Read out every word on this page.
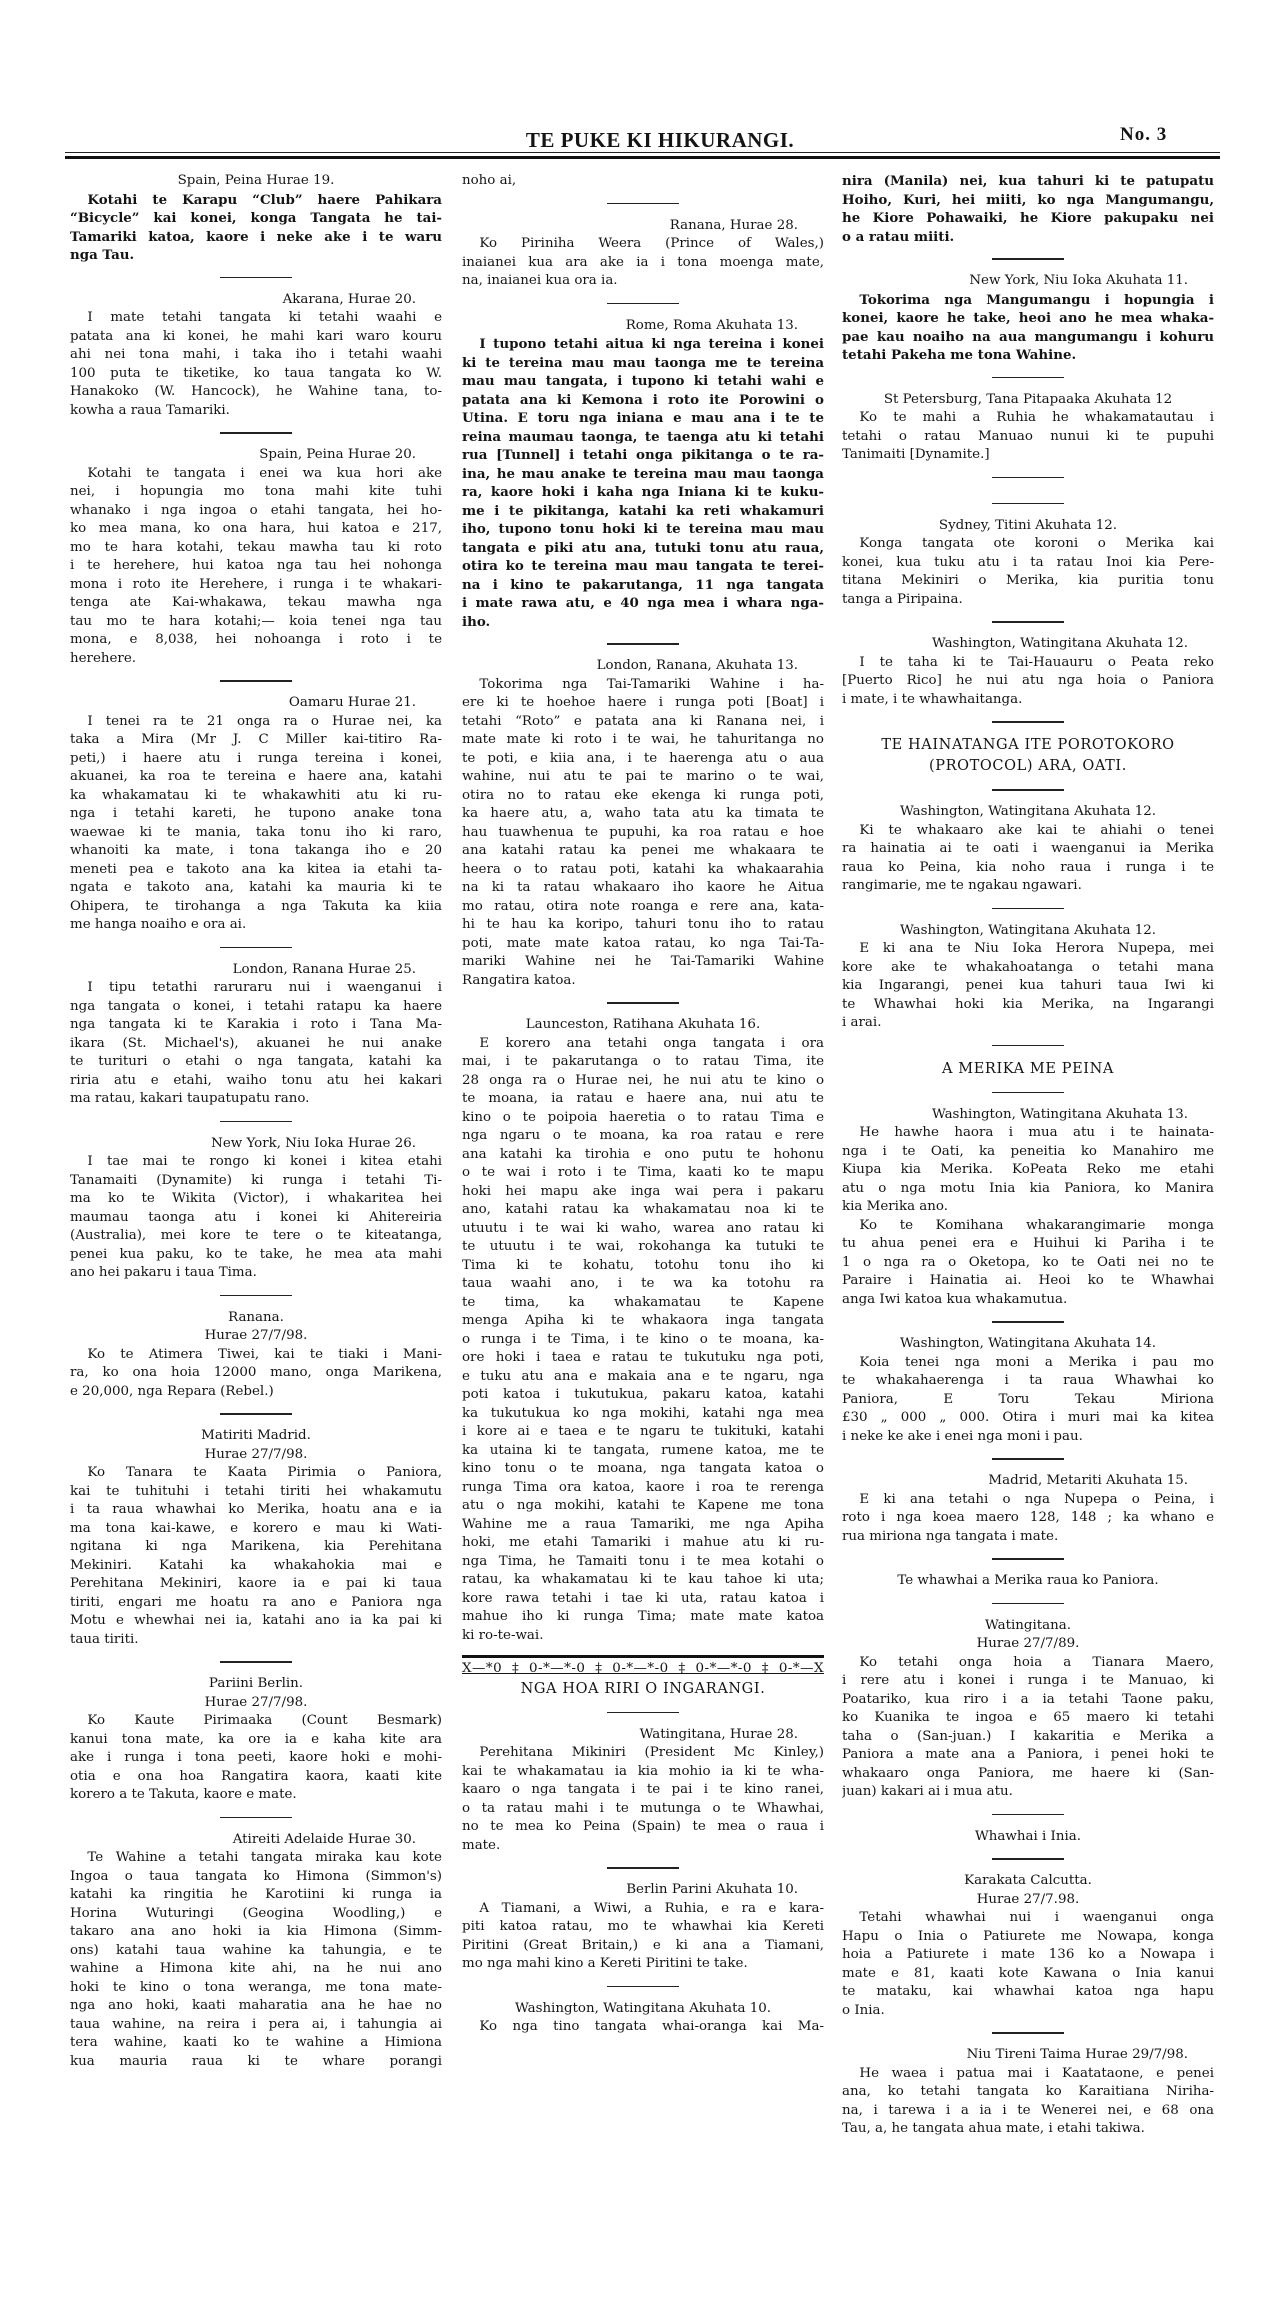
TE PUKE KI HIKURANGI.	No. 3
Spain, Peina Hurae 19.
Kotahi te Karapu “Club” haere Pahikara
“Bicycle” kai konei, konga Tangata he tai-
Tamariki katoa, kaore i neke ake i te waru
nga Tau.
Akarana, Hurae 20.
I mate tetahi tangata ki tetahi waahi e
patata ana ki konei, he mahi kari waro kouru
ahi nei tona mahi, i taka iho i tetahi waahi
100 puta te tiketike, ko taua tangata ko W.
Hanakoko (W. Hancock), he Wahine tana, to-
kowha a raua Tamariki.
Spain, Peina Hurae 20.
Kotahi te tangata i enei wa kua hori ake
nei, i hopungia mo tona mahi kite tuhi
whanako i nga ingoa o etahi tangata, hei ho-
ko mea mana, ko ona hara, hui katoa e 217,
mo te hara kotahi, tekau mawha tau ki roto
i te herehere, hui katoa nga tau hei nohonga
mona i roto ite Herehere, i runga i te whakari-
tenga ate Kai-whakawa, tekau mawha nga
tau mo te hara kotahi;— koia tenei nga tau
mona, e 8,038, hei nohoanga i roto i te
herehere.
Oamaru Hurae 21.
I tenei ra te 21 onga ra o Hurae nei, ka
taka a Mira (Mr J. C Miller kai-titiro Ra-
peti,) i haere atu i runga tereina i konei,
akuanei, ka roa te tereina e haere ana, katahi
ka whakamatau ki te whakawhiti atu ki ru-
nga i tetahi kareti, he tupono anake tona
waewae ki te mania, taka tonu iho ki raro,
whanoiti ka mate, i tona takanga iho e 20
meneti pea e takoto ana ka kitea ia etahi ta-
ngata e takoto ana, katahi ka mauria ki te
Ohipera, te tirohanga a nga Takuta ka kiia
me hanga noaiho e ora ai.
London, Ranana Hurae 25.
I tipu tetathi raruraru nui i waenganui i
nga tangata o konei, i tetahi ratapu ka haere
nga tangata ki te Karakia i roto i Tana Ma-
ikara (St. Michael's), akuanei he nui anake
te turituri o etahi o nga tangata, katahi ka
riria atu e etahi, waiho tonu atu hei kakari
ma ratau, kakari taupatupatu rano.
New York, Niu Ioka Hurae 26.
I tae mai te rongo ki konei i kitea etahi
Tanamaiti (Dynamite) ki runga i tetahi Ti-
ma ko te Wikita (Victor), i whakaritea hei
maumau taonga atu i konei ki Ahitereiria
(Australia), mei kore te tere o te kiteatanga,
penei kua paku, ko te take, he mea ata mahi
ano hei pakaru i taua Tima.
Ranana.
Hurae 27/7/98.
Ko te Atimera Tiwei, kai te tiaki i Mani-
ra, ko ona hoia 12000 mano, onga Marikena,
e 20,000, nga Repara (Rebel.)
Matiriti Madrid.
Hurae 27/7/98.
Ko Tanara te Kaata Pirimia o Paniora,
kai te tuhituhi i tetahi tiriti hei whakamutu
i ta raua whawhai ko Merika, hoatu ana e ia
ma tona kai-kawe, e korero e mau ki Wati-
ngitana ki nga Marikena, kia Perehitana
Mekiniri. Katahi ka whakahokia mai e
Perehitana Mekiniri, kaore ia e pai ki taua
tiriti, engari me hoatu ra ano e Paniora nga
Motu e whewhai nei ia, katahi ano ia ka pai ki
taua tiriti.
Pariini Berlin.
Hurae 27/7/98.
Ko Kaute Pirimaaka (Count Besmark)
kanui tona mate, ka ore ia e kaha kite ara
ake i runga i tona peeti, kaore hoki e mohi-
otia e ona hoa Rangatira kaora, kaati kite
korero a te Takuta, kaore e mate.
Atireiti Adelaide Hurae 30.
Te Wahine a tetahi tangata miraka kau kote
Ingoa o taua tangata ko Himona (Simmon's)
katahi ka ringitia he Karotiini ki runga ia
Horina Wuturingi (Geogina Woodling,) e
takaro ana ano hoki ia kia Himona (Simm-
ons) katahi taua wahine ka tahungia, e te
wahine a Himona kite ahi, na he nui ano
hoki te kino o tona weranga, me tona mate-
nga ano hoki, kaati maharatia ana he hae no
taua wahine, na reira i pera ai, i tahungia ai
tera wahine, kaati ko te wahine a Himiona
kua mauria raua ki te whare porangi
noho ai,
Ranana, Hurae 28.
Ko Piriniha Weera (Prince of Wales,)
inaianei kua ara ake ia i tona moenga mate,
na, inaianei kua ora ia.
Rome, Roma Akuhata 13.
I tupono tetahi aitua ki nga tereina i konei
ki te tereina mau mau taonga me te tereina
mau mau tangata, i tupono ki tetahi wahi e
patata ana ki Kemona i roto ite Porowini o
Utina. E toru nga iniana e mau ana i te te
reina maumau taonga, te taenga atu ki tetahi
rua [Tunnel] i tetahi onga pikitanga o te ra-
ina, he mau anake te tereina mau mau taonga
ra, kaore hoki i kaha nga Iniana ki te kuku-
me i te pikitanga, katahi ka reti whakamuri
iho, tupono tonu hoki ki te tereina mau mau
tangata e piki atu ana, tutuki tonu atu raua,
otira ko te tereina mau mau tangata te terei-
na i kino te pakarutanga, 11 nga tangata
i mate rawa atu, e 40 nga mea i whara nga-
iho.
London, Ranana, Akuhata 13.
Tokorima nga Tai-Tamariki Wahine i ha-
ere ki te hoehoe haere i runga poti [Boat] i
tetahi “Roto” e patata ana ki Ranana nei, i
mate mate ki roto i te wai, he tahuritanga no
te poti, e kiia ana, i te haerenga atu o aua
wahine, nui atu te pai te marino o te wai,
otira no to ratau eke ekenga ki runga poti,
ka haere atu, a, waho tata atu ka timata te
hau tuawhenua te pupuhi, ka roa ratau e hoe
ana katahi ratau ka penei me whakaara te
heera o to ratau poti, katahi ka whakaarahia
na ki ta ratau whakaaro iho kaore he Aitua
mo ratau, otira note roanga e rere ana, kata-
hi te hau ka koripo, tahuri tonu iho to ratau
poti, mate mate katoa ratau, ko nga Tai-Ta-
mariki Wahine nei he Tai-Tamariki Wahine
Rangatira katoa.
Launceston, Ratihana Akuhata 16.
E korero ana tetahi onga tangata i ora
mai, i te pakarutanga o to ratau Tima, ite
28 onga ra o Hurae nei, he nui atu te kino o
te moana, ia ratau e haere ana, nui atu te
kino o te poipoia haeretia o to ratau Tima e
nga ngaru o te moana, ka roa ratau e rere
ana katahi ka tirohia e ono putu te hohonu
o te wai i roto i te Tima, kaati ko te mapu
hoki hei mapu ake inga wai pera i pakaru
ano, katahi ratau ka whakamatau noa ki te
utuutu i te wai ki waho, warea ano ratau ki
te utuutu i te wai, rokohanga ka tutuki te
Tima ki te kohatu, totohu tonu iho ki
taua waahi ano, i te wa ka totohu ra
te tima, ka whakamatau te Kapene
menga Apiha ki te whakaora inga tangata
o runga i te Tima, i te kino o te moana, ka-
ore hoki i taea e ratau te tukutuku nga poti,
e tuku atu ana e makaia ana e te ngaru, nga
poti katoa i tukutukua, pakaru katoa, katahi
ka tukutukua ko nga mokihi, katahi nga mea
i kore ai e taea e te ngaru te tukituki, katahi
ka utaina ki te tangata, rumene katoa, me te
kino tonu o te moana, nga tangata katoa o
runga Tima ora katoa, kaore i roa te rerenga
atu o nga mokihi, katahi te Kapene me tona
Wahine me a raua Tamariki, me nga Apiha
hoki, me etahi Tamariki i mahue atu ki ru-
nga Tima, he Tamaiti tonu i te mea kotahi o
ratau, ka whakamatau ki te kau tahoe ki uta;
kore rawa tetahi i tae ki uta, ratau katoa i
mahue iho ki runga Tima; mate mate katoa
ki ro-te-wai.
X—*0‡0-*—*-0‡0-*—*-0‡0-*—*-0‡0-*—X
NGA HOA RIRI O INGARANGI.
Watingitana, Hurae 28.
Perehitana Mikiniri (President Mc Kinley,)
kai te whakamatau ia kia mohio ia ki te wha-
kaaro o nga tangata i te pai i te kino ranei,
o ta ratau mahi i te mutunga o te Whawhai,
no te mea ko Peina (Spain) te mea o raua i
mate.
Berlin Parini Akuhata 10.
A Tiamani, a Wiwi, a Ruhia, e ra e kara-
piti katoa ratau, mo te whawhai kia Kereti
Piritini (Great Britain,) e ki ana a Tiamani,
mo nga mahi kino a Kereti Piritini te take.
Washington, Watingitana Akuhata 10.
Ko nga tino tangata whai-oranga kai Ma-
nira (Manila) nei, kua tahuri ki te patupatu
Hoiho, Kuri, hei miiti, ko nga Mangumangu,
he Kiore Pohawaiki, he Kiore pakupaku nei
o a ratau miiti.
New York, Niu Ioka Akuhata 11.
Tokorima nga Mangumangu i hopungia i
konei, kaore he take, heoi ano he mea whaka-
pae kau noaiho na aua mangumangu i kohuru
tetahi Pakeha me tona Wahine.
St Petersburg, Tana Pitapaaka Akuhata 12
Ko te mahi a Ruhia he whakamatautau i
tetahi o ratau Manuao nunui ki te pupuhi
Tanimaiti [Dynamite.]
Sydney, Titini Akuhata 12.
Konga tangata ote koroni o Merika kai
konei, kua tuku atu i ta ratau Inoi kia Pere-
titana Mekiniri o Merika, kia puritia tonu
tanga a Piripaina.
Washington, Watingitana Akuhata 12.
I te taha ki te Tai-Hauauru o Peata reko
[Puerto Rico] he nui atu nga hoia o Paniora
i mate, i te whawhaitanga.
TE HAINATANGA ITE POROTOKORO
(PROTOCOL) ARA, OATI.
Washington, Watingitana Akuhata 12.
Ki te whakaaro ake kai te ahiahi o tenei
ra hainatia ai te oati i waenganui ia Merika
raua ko Peina, kia noho raua i runga i te
rangimarie, me te ngakau ngawari.
Washington, Watingitana Akuhata 12.
E ki ana te Niu Ioka Herora Nupepa, mei
kore ake te whakahoatanga o tetahi mana
kia Ingarangi, penei kua tahuri taua Iwi ki
te Whawhai hoki kia Merika, na Ingarangi
i arai.
A MERIKA ME PEINA
Washington, Watingitana Akuhata 13.
He hawhe haora i mua atu i te hainata-
nga i te Oati, ka peneitia ko Manahiro me
Kiupa kia Merika. KoPeata Reko me etahi
atu o nga motu Inia kia Paniora, ko Manira
kia Merika ano.
Ko te Komihana whakarangimarie monga
tu ahua penei era e Huihui ki Pariha i te
1 o nga ra o Oketopa, ko te Oati nei no te
Paraire i Hainatia ai. Heoi ko te Whawhai
anga Iwi katoa kua whakamutua.
Washington, Watingitana Akuhata 14.
Koia tenei nga moni a Merika i pau mo
te whakahaerenga i ta raua Whawhai ko
Paniora, E Toru Tekau Miriona
£30 „ 000 „ 000. Otira i muri mai ka kitea
i neke ke ake i enei nga moni i pau.
Madrid, Metariti Akuhata 15.
E ki ana tetahi o nga Nupepa o Peina, i
roto i nga koea maero 128, 148 ; ka whano e
rua miriona nga tangata i mate.
Te whawhai a Merika raua ko Paniora.
Watingitana.
Hurae 27/7/89.
Ko tetahi onga hoia a Tianara Maero,
i rere atu i konei i runga i te Manuao, ki
Poatariko, kua riro i a ia tetahi Taone paku,
ko Kuanika te ingoa e 65 maero ki tetahi
taha o (San-juan.) I kakaritia e Merika a
Paniora a mate ana a Paniora, i penei hoki te
whakaaro onga Paniora, me haere ki (San-
juan) kakari ai i mua atu.
Whawhai i Inia.
Karakata Calcutta.
Hurae 27/7.98.
Tetahi whawhai nui i waenganui onga
Hapu o Inia o Patiurete me Nowapa, konga
hoia a Patiurete i mate 136 ko a Nowapa i
mate e 81, kaati kote Kawana o Inia kanui
te mataku, kai whawhai katoa nga hapu
o Inia.
Niu Tireni Taima Hurae 29/7/98.
He waea i patua mai i Kaatataone, e penei
ana, ko tetahi tangata ko Karaitiana Niriha-
na, i tarewa i a ia i te Wenerei nei, e 68 ona
Tau, a, he tangata ahua mate, i etahi takiwa.
